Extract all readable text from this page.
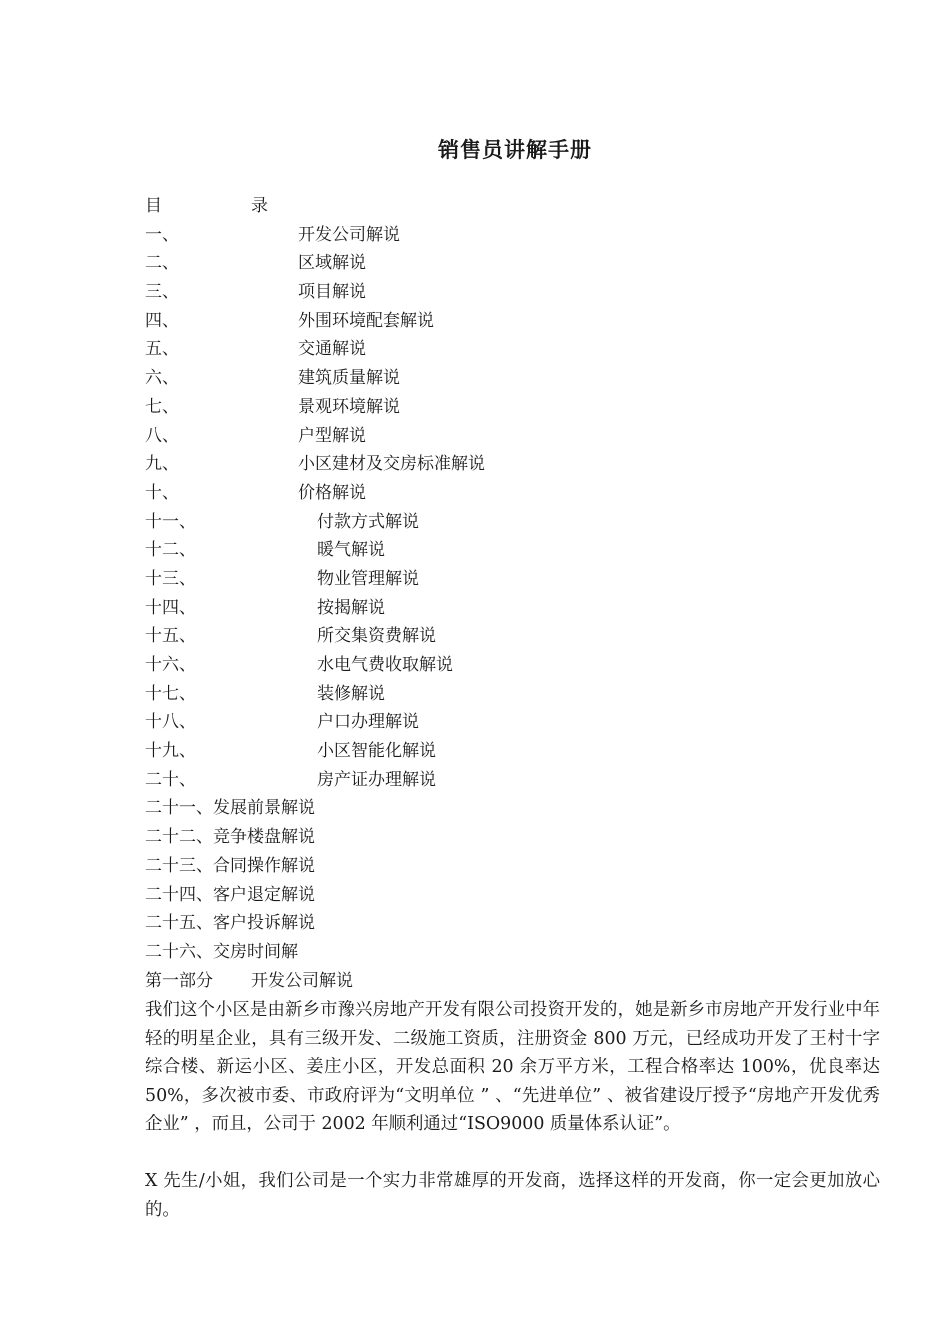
销售员讲解手册
目	录
一、	开发公司解说
二、	区域解说
三、	项目解说
四、	外围环境配套解说
五、	交通解说
六、	建筑质量解说
七、	景观环境解说
八、	户型解说
九、	小区建材及交房标准解说
十、	价格解说
十一、	付款方式解说
十二、	暖气解说
十三、	物业管理解说
十四、	按揭解说
十五、	所交集资费解说
十六、	水电气费收取解说
十七、	装修解说
十八、	户口办理解说
十九、	小区智能化解说
二十、	房产证办理解说
二十一、发展前景解说
二十二、竞争楼盘解说
二十三、合同操作解说
二十四、客户退定解说
二十五、客户投诉解说
二十六、交房时间解
第一部分 开发公司解说
我们这个小区是由新乡市豫兴房地产开发有限公司投资开发的，她是新乡市房地产开发行业中年轻的明星企业，具有三级开发、二级施工资质，注册资金 800 万元，已经成功开发了王村十字综合楼、新运小区、姜庄小区，开发总面积 20 余万平方米，工程合格率达 100%，优良率达 50%，多次被市委、市政府评为“文明单位 ” 、“先进单位” 、被省建设厅授予“房地产开发优秀企业” ，而且，公司于 2002 年顺利通过“ISO9000 质量体系认证”。
X 先生/小姐，我们公司是一个实力非常雄厚的开发商，选择这样的开发商，你一定会更加放心的。
